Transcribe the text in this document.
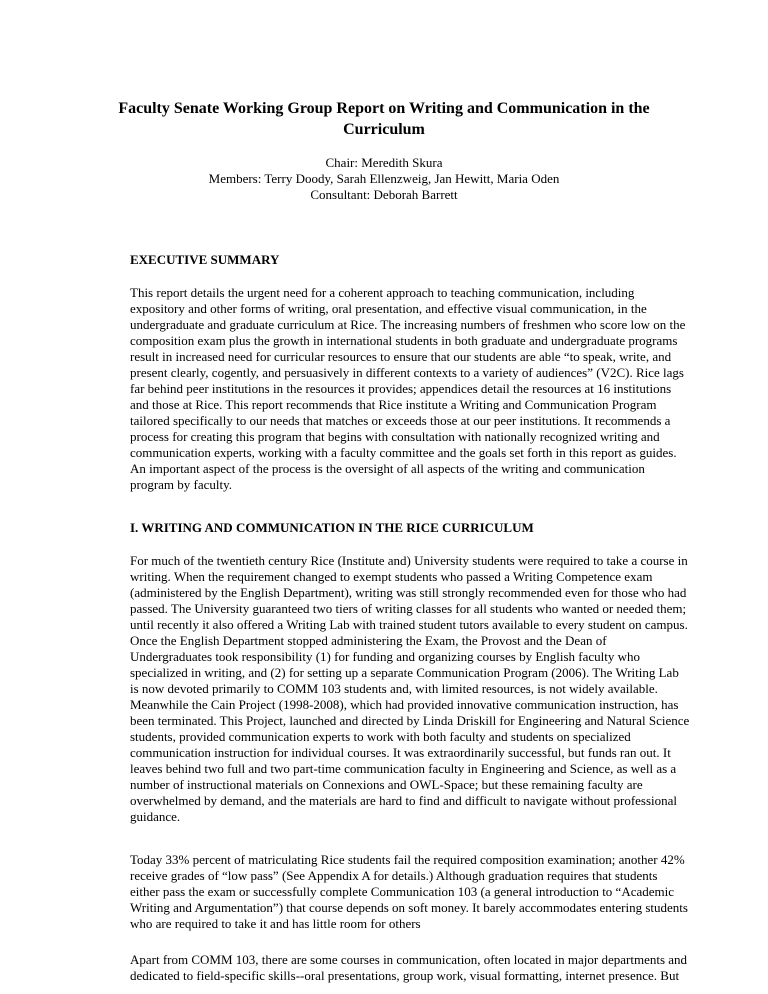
Faculty Senate Working Group Report on Writing and Communication in the
Curriculum
Chair: Meredith Skura
Members: Terry Doody, Sarah Ellenzweig, Jan Hewitt, Maria Oden
Consultant: Deborah Barrett
EXECUTIVE SUMMARY
This report details the urgent need for a coherent approach to teaching communication, including
expository and other forms of writing, oral presentation, and effective visual communication, in the
undergraduate and graduate curriculum at Rice. The increasing numbers of freshmen who score low on the
composition exam plus the growth in international students in both graduate and undergraduate programs
result in increased need for curricular resources to ensure that our students are able “to speak, write, and
present clearly, cogently, and persuasively in different contexts to a variety of audiences” (V2C). Rice lags
far behind peer institutions in the resources it provides; appendices detail the resources at 16 institutions
and those at Rice. This report recommends that Rice institute a Writing and Communication Program
tailored specifically to our needs that matches or exceeds those at our peer institutions. It recommends a
process for creating this program that begins with consultation with nationally recognized writing and
communication experts, working with a faculty committee and the goals set forth in this report as guides.
An important aspect of the process is the oversight of all aspects of the writing and communication
program by faculty.
I. WRITING AND COMMUNICATION IN THE RICE CURRICULUM
For much of the twentieth century Rice (Institute and) University students were required to take a course in
writing. When the requirement changed to exempt students who passed a Writing Competence exam
(administered by the English Department), writing was still strongly recommended even for those who had
passed. The University guaranteed two tiers of writing classes for all students who wanted or needed them;
until recently it also offered a Writing Lab with trained student tutors available to every student on campus.
Once the English Department stopped administering the Exam, the Provost and the Dean of
Undergraduates took responsibility (1) for funding and organizing courses by English faculty who
specialized in writing, and (2) for setting up a separate Communication Program (2006). The Writing Lab
is now devoted primarily to COMM 103 students and, with limited resources, is not widely available.
Meanwhile the Cain Project (1998-2008), which had provided innovative communication instruction, has
been terminated. This Project, launched and directed by Linda Driskill for Engineering and Natural Science
students, provided communication experts to work with both faculty and students on specialized
communication instruction for individual courses. It was extraordinarily successful, but funds ran out. It
leaves behind two full and two part-time communication faculty in Engineering and Science, as well as a
number of instructional materials on Connexions and OWL-Space; but these remaining faculty are
overwhelmed by demand, and the materials are hard to find and difficult to navigate without professional
guidance.
Today 33% percent of matriculating Rice students fail the required composition examination; another 42%
receive grades of “low pass” (See Appendix A for details.) Although graduation requires that students
either pass the exam or successfully complete Communication 103 (a general introduction to “Academic
Writing and Argumentation”) that course depends on soft money. It barely accommodates entering students
who are required to take it and has little room for others
Apart from COMM 103, there are some courses in communication, often located in major departments and
dedicated to field-specific skills--oral presentations, group work, visual formatting, internet presence. But
